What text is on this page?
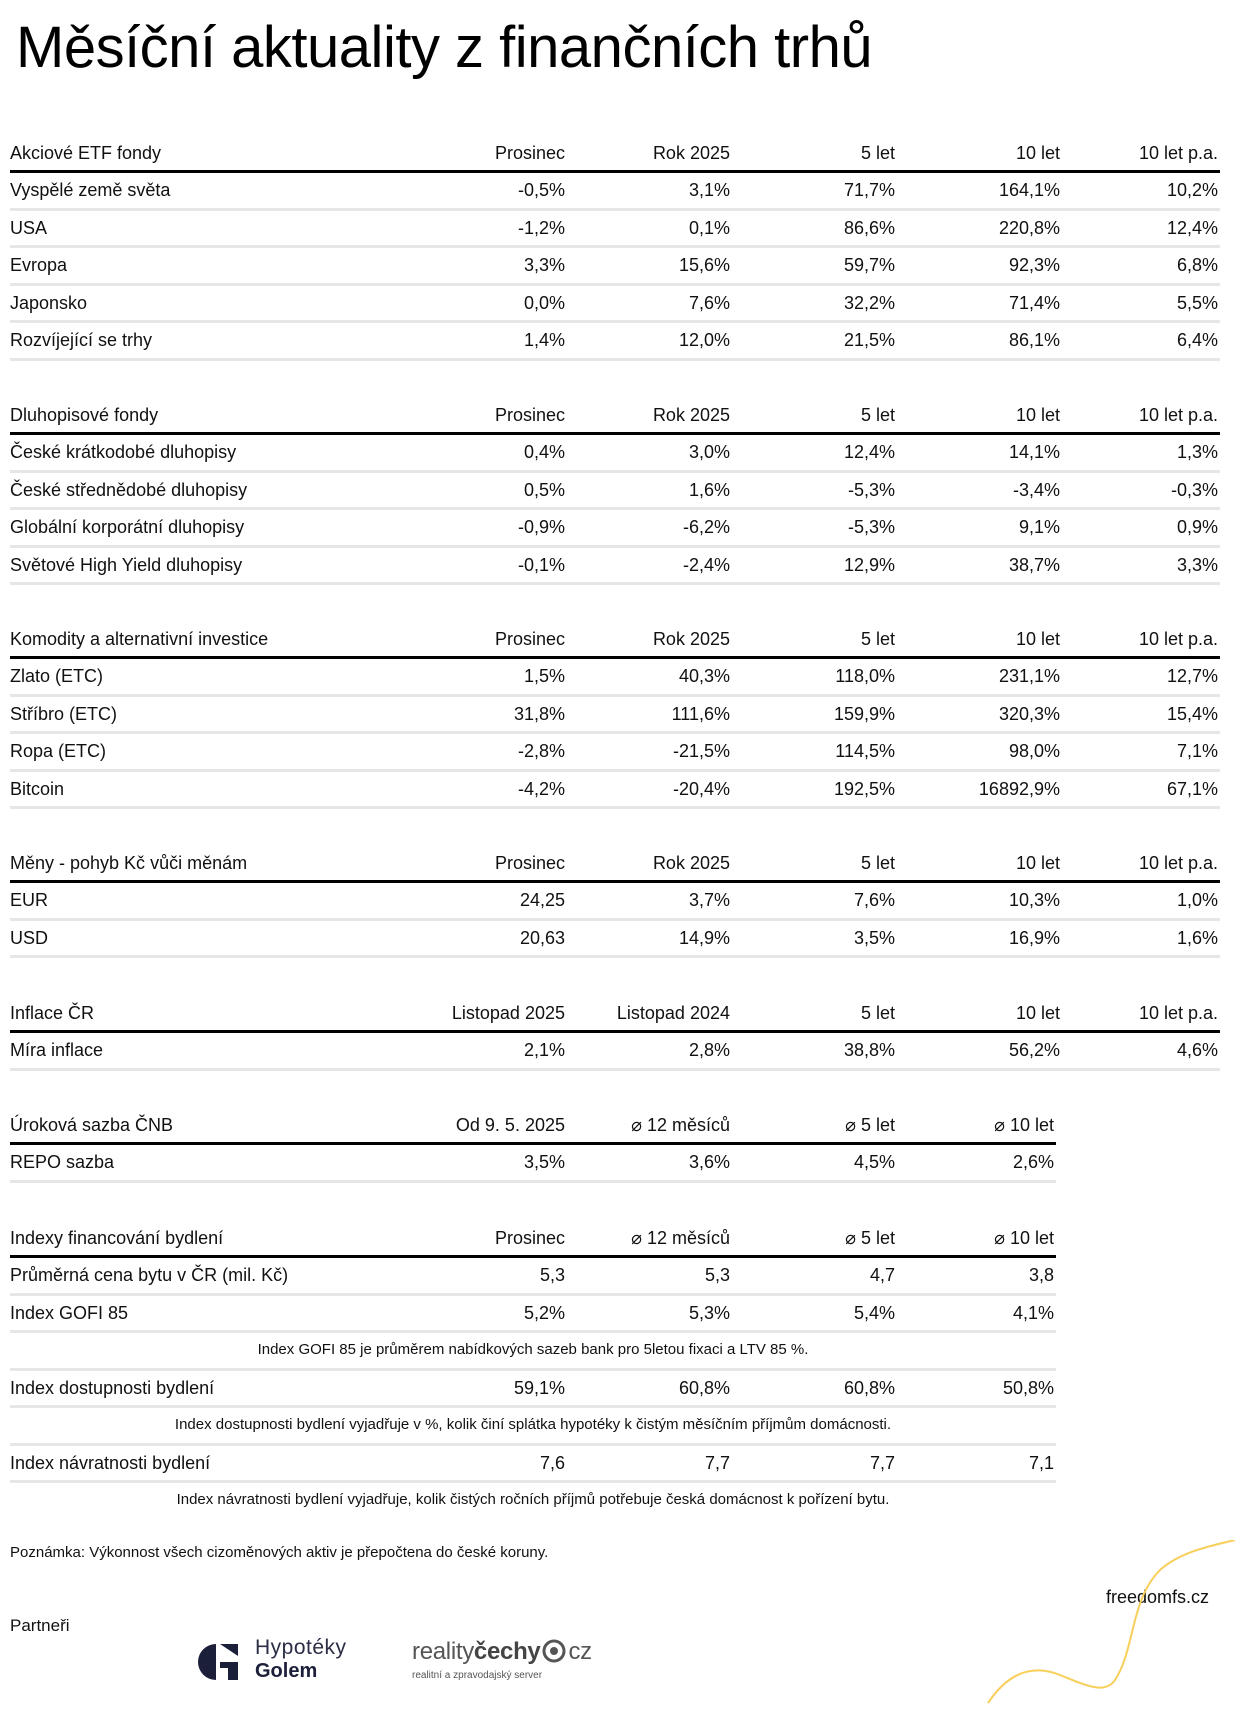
Měsíční aktuality z finančních trhů
Akciové ETF fondy	Prosinec	Rok 2025	5 let	10 let	10 let p.a.
Vyspělé země světa	-0,5%	3,1%	71,7%	164,1%	10,2%
USA	-1,2%	0,1%	86,6%	220,8%	12,4%
Evropa	3,3%	15,6%	59,7%	92,3%	6,8%
Japonsko	0,0%	7,6%	32,2%	71,4%	5,5%
Rozvíjející se trhy	1,4%	12,0%	21,5%	86,1%	6,4%
Dluhopisové fondy	Prosinec	Rok 2025	5 let	10 let	10 let p.a.
České krátkodobé dluhopisy	0,4%	3,0%	12,4%	14,1%	1,3%
České střednědobé dluhopisy	0,5%	1,6%	-5,3%	-3,4%	-0,3%
Globální korporátní dluhopisy	-0,9%	-6,2%	-5,3%	9,1%	0,9%
Světové High Yield dluhopisy	-0,1%	-2,4%	12,9%	38,7%	3,3%
Komodity a alternativní investice	Prosinec	Rok 2025	5 let	10 let	10 let p.a.
Zlato (ETC)	1,5%	40,3%	118,0%	231,1%	12,7%
Stříbro (ETC)	31,8%	111,6%	159,9%	320,3%	15,4%
Ropa (ETC)	-2,8%	-21,5%	114,5%	98,0%	7,1%
Bitcoin	-4,2%	-20,4%	192,5%	16892,9%	67,1%
Měny - pohyb Kč vůči měnám	Prosinec	Rok 2025	5 let	10 let	10 let p.a.
EUR	24,25	3,7%	7,6%	10,3%	1,0%
USD	20,63	14,9%	3,5%	16,9%	1,6%
Inflace ČR	Listopad 2025	Listopad 2024	5 let	10 let	10 let p.a.
Míra inflace	2,1%	2,8%	38,8%	56,2%	4,6%
Úroková sazba ČNB	Od 9. 5. 2025	⌀ 12 měsíců	⌀ 5 let	⌀ 10 let
REPO sazba	3,5%	3,6%	4,5%	2,6%
Indexy financování bydlení	Prosinec	⌀ 12 měsíců	⌀ 5 let	⌀ 10 let
Průměrná cena bytu v ČR (mil. Kč)	5,3	5,3	4,7	3,8
Index GOFI 85	5,2%	5,3%	5,4%	4,1%
Index GOFI 85 je průměrem nabídkových sazeb bank pro 5letou fixaci a LTV 85 %.
Index dostupnosti bydlení	59,1%	60,8%	60,8%	50,8%
Index dostupnosti bydlení vyjadřuje v %, kolik činí splátka hypotéky k čistým měsíčním příjmům domácnosti.
Index návratnosti bydlení	7,6	7,7	7,7	7,1
Index návratnosti bydlení vyjadřuje, kolik čistých ročních příjmů potřebuje česká domácnost k pořízení bytu.
Poznámka: Výkonnost všech cizoměnových aktiv je přepočtena do české koruny.
freedomfs.cz
Partneři
Hypotéky
Golem
realityčechy cz
realitní a zpravodajský server
